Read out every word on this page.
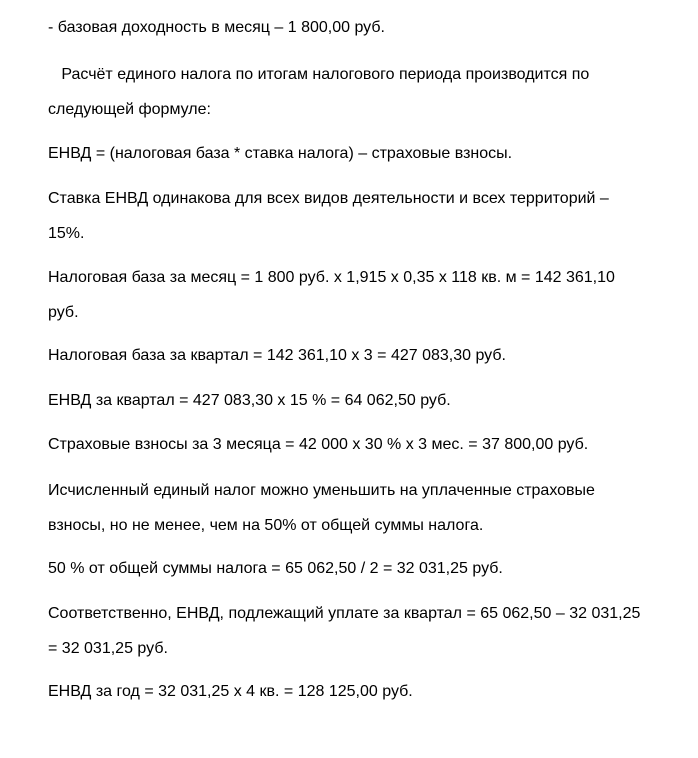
- базовая доходность в месяц – 1 800,00 руб.
Расчёт единого налога по итогам налогового периода производится по
следующей формуле:
ЕНВД = (налоговая база * ставка налога) – страховые взносы.
Ставка ЕНВД одинакова для всех видов деятельности и всех территорий –
15%.
Налоговая база за месяц = 1 800 руб. х 1,915 х 0,35 х 118 кв. м = 142 361,10
руб.
Налоговая база за квартал = 142 361,10 х 3 = 427 083,30 руб.
ЕНВД за квартал = 427 083,30 х 15 % = 64 062,50 руб.
Страховые взносы за 3 месяца = 42 000 х 30 % х 3 мес. = 37 800,00 руб.
Исчисленный единый налог можно уменьшить на уплаченные страховые
взносы, но не менее, чем на 50% от общей суммы налога.
50 % от общей суммы налога = 65 062,50 / 2 = 32 031,25 руб.
Соответственно, ЕНВД, подлежащий уплате за квартал = 65 062,50 – 32 031,25
= 32 031,25 руб.
ЕНВД за год = 32 031,25 х 4 кв. = 128 125,00 руб.
